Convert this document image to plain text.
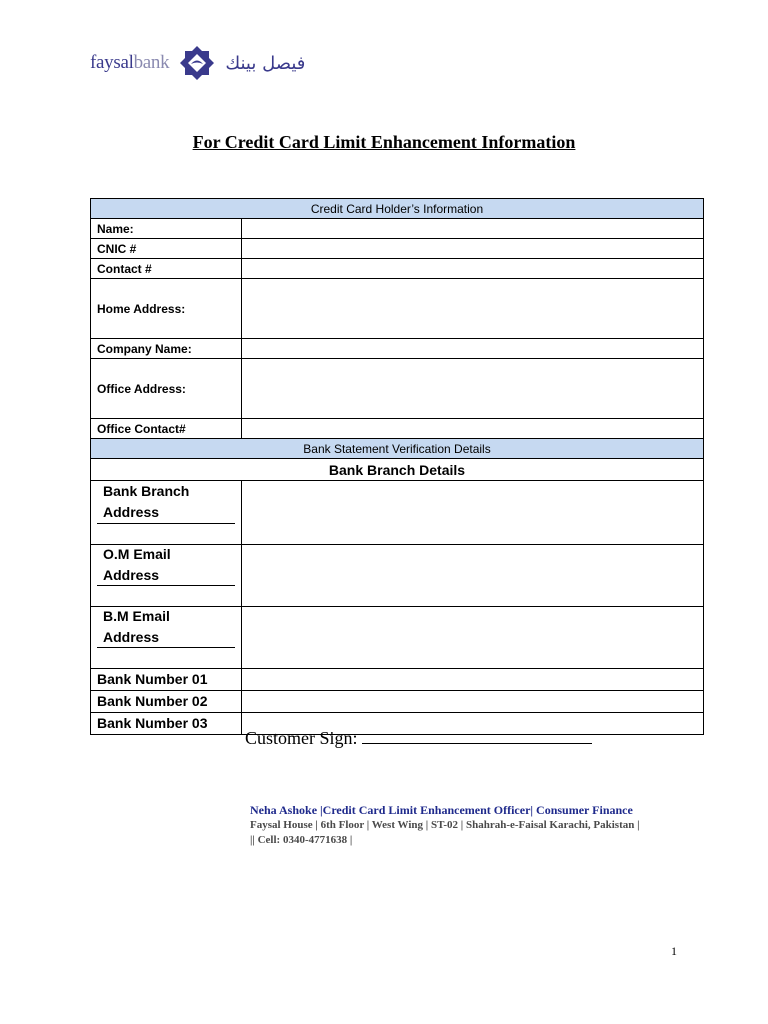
faysalbank	فيصل بينك
For Credit Card Limit Enhancement Information
Credit Card Holder’s Information	
Name:	
CNIC #	
Contact #	
Home Address:	
Company Name:	
Office Address:	
Office Contact#	
Bank Statement Verification Details	
Bank Branch Details	

Bank Branch Address	

O.M Email Address	

B.M Email Address	

Bank Number 01	
Bank Number 02	
Bank Number 03	
Customer Sign:
Neha Ashoke |Credit Card Limit Enhancement Officer| Consumer Finance
Faysal House | 6th Floor | West Wing | ST-02 | Shahrah-e-Faisal Karachi, Pakistan |
|| Cell: 0340-4771638 |
1
